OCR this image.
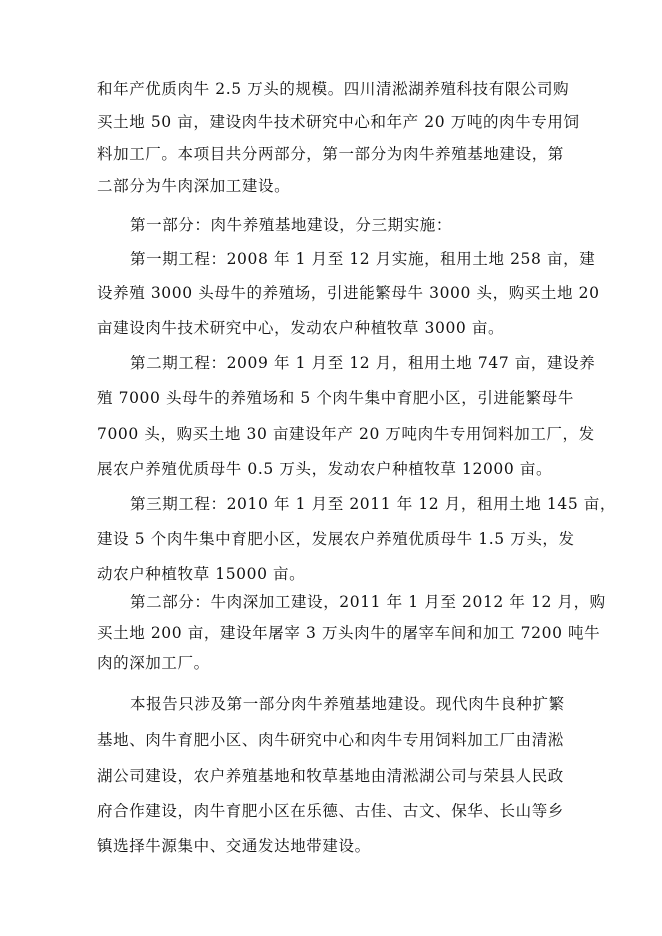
和年产优质肉牛 2.5 万头的规模。四川清淞湖养殖科技有限公司购
买土地 50 亩，建设肉牛技术研究中心和年产 20 万吨的肉牛专用饲
料加工厂。本项目共分两部分，第一部分为肉牛养殖基地建设，第
二部分为牛肉深加工建设。
第一部分：肉牛养殖基地建设，分三期实施：
第一期工程：2008 年 1 月至 12 月实施，租用土地 258 亩，建
设养殖 3000 头母牛的养殖场，引进能繁母牛 3000 头，购买土地 20
亩建设肉牛技术研究中心，发动农户种植牧草 3000 亩。
第二期工程：2009 年 1 月至 12 月，租用土地 747 亩，建设养
殖 7000 头母牛的养殖场和 5 个肉牛集中育肥小区，引进能繁母牛
7000 头，购买土地 30 亩建设年产 20 万吨肉牛专用饲料加工厂，发
展农户养殖优质母牛 0.5 万头，发动农户种植牧草 12000 亩。
第三期工程：2010 年 1 月至 2011 年 12 月，租用土地 145 亩，
建设 5 个肉牛集中育肥小区，发展农户养殖优质母牛 1.5 万头，发
动农户种植牧草 15000 亩。
第二部分：牛肉深加工建设，2011 年 1 月至 2012 年 12 月，购
买土地 200 亩，建设年屠宰 3 万头肉牛的屠宰车间和加工 7200 吨牛
肉的深加工厂。
本报告只涉及第一部分肉牛养殖基地建设。现代肉牛良种扩繁
基地、肉牛育肥小区、肉牛研究中心和肉牛专用饲料加工厂由清淞
湖公司建设，农户养殖基地和牧草基地由清淞湖公司与荣县人民政
府合作建设，肉牛育肥小区在乐德、古佳、古文、保华、长山等乡
镇选择牛源集中、交通发达地带建设。
